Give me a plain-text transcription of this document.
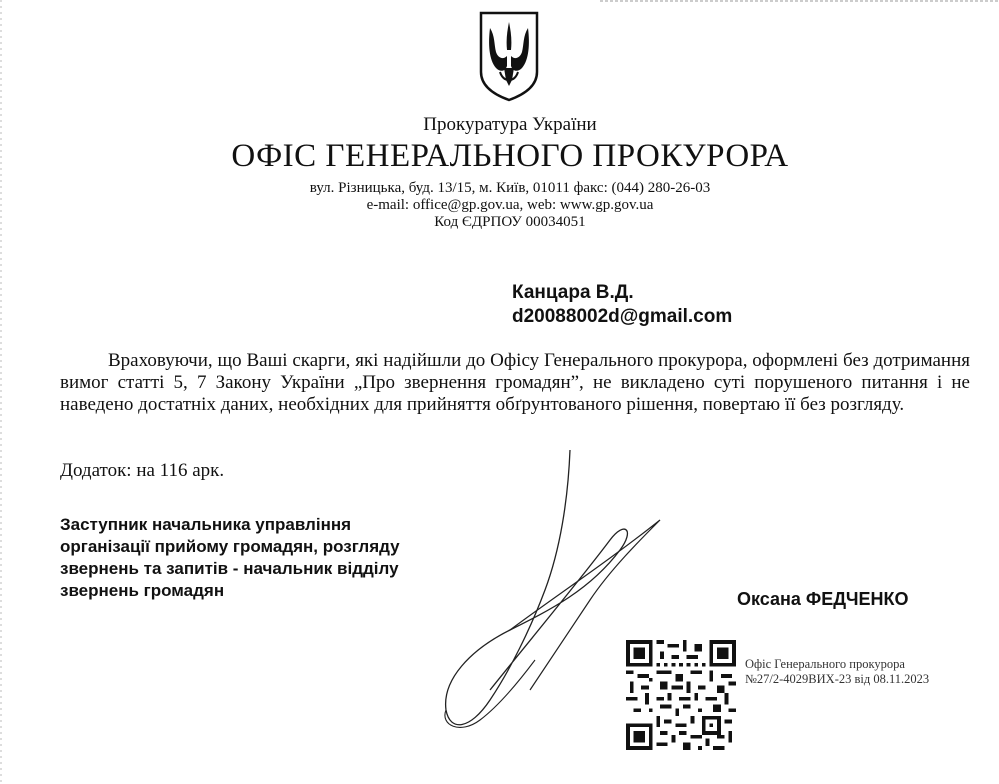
Прокуратура України
ОФІС ГЕНЕРАЛЬНОГО ПРОКУРОРА
вул. Різницька, буд. 13/15, м. Київ, 01011 факс: (044) 280-26-03
e-mail: office@gp.gov.ua, web: www.gp.gov.ua
Код ЄДРПОУ 00034051
Канцара В.Д.
d20088002d@gmail.com

Враховуючи, що Ваші скарги, які надійшли до Офісу Генерального прокурора, оформлені без дотримання вимог статті 5, 7 Закону України „Про звернення громадян”, не викладено суті порушеного питання і не наведено достатніх даних, необхідних для прийняття обґрунтованого рішення, повертаю її без розгляду.

Додаток: на 116 арк.
Заступник начальника управління
організації прийому громадян, розгляду
звернень та запитів - начальник відділу
звернень громадян	Оксана ФЕДЧЕНКО
Офіс Генерального прокурора
№27/2-4029ВИХ-23 від 08.11.2023
